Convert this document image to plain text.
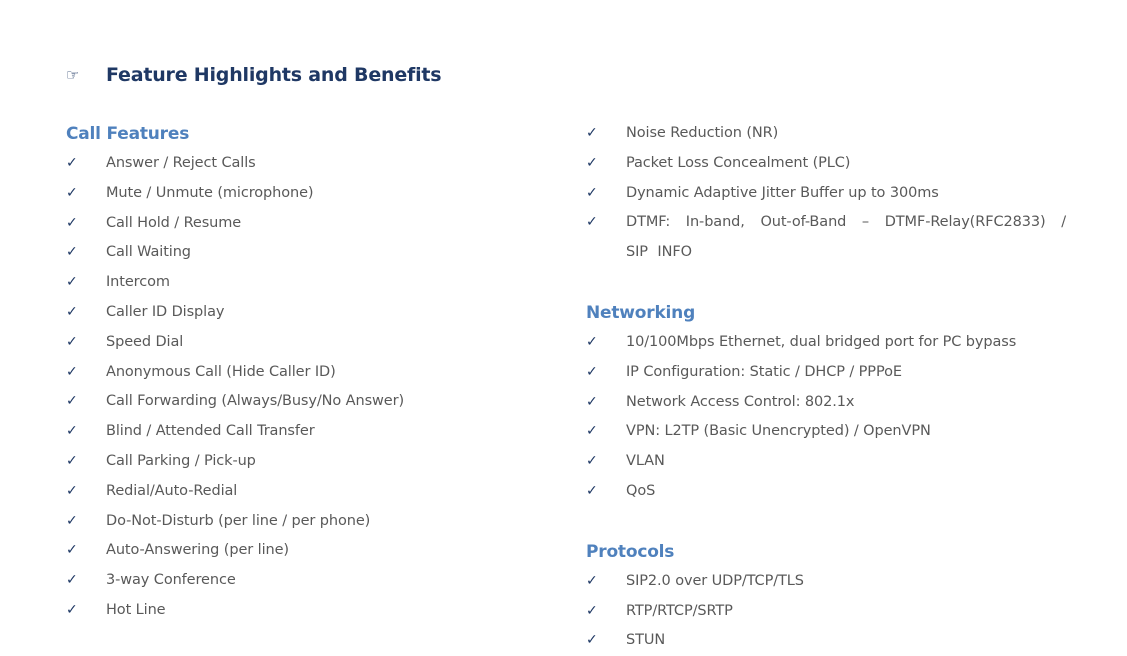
☞	Feature Highlights and Benefits
Call Features
✓	Answer / Reject Calls
✓	Mute / Unmute (microphone)
✓	Call Hold / Resume
✓	Call Waiting
✓	Intercom
✓	Caller ID Display
✓	Speed Dial
✓	Anonymous Call (Hide Caller ID)
✓	Call Forwarding (Always/Busy/No Answer)
✓	Blind / Attended Call Transfer
✓	Call Parking / Pick-up
✓	Redial/Auto-Redial
✓	Do-Not-Disturb (per line / per phone)
✓	Auto-Answering (per line)
✓	3-way Conference
✓	Hot Line
✓	Noise Reduction (NR)
✓	Packet Loss Concealment (PLC)
✓	Dynamic Adaptive Jitter Buffer up to 300ms
✓	DTMF: In-band, Out-of-Band – DTMF-Relay(RFC2833) / SIP INFO
Networking
✓	10/100Mbps Ethernet, dual bridged port for PC bypass
✓	IP Configuration: Static / DHCP / PPPoE
✓	Network Access Control: 802.1x
✓	VPN: L2TP (Basic Unencrypted) / OpenVPN
✓	VLAN
✓	QoS
Protocols
✓	SIP2.0 over UDP/TCP/TLS
✓	RTP/RTCP/SRTP
✓	STUN
